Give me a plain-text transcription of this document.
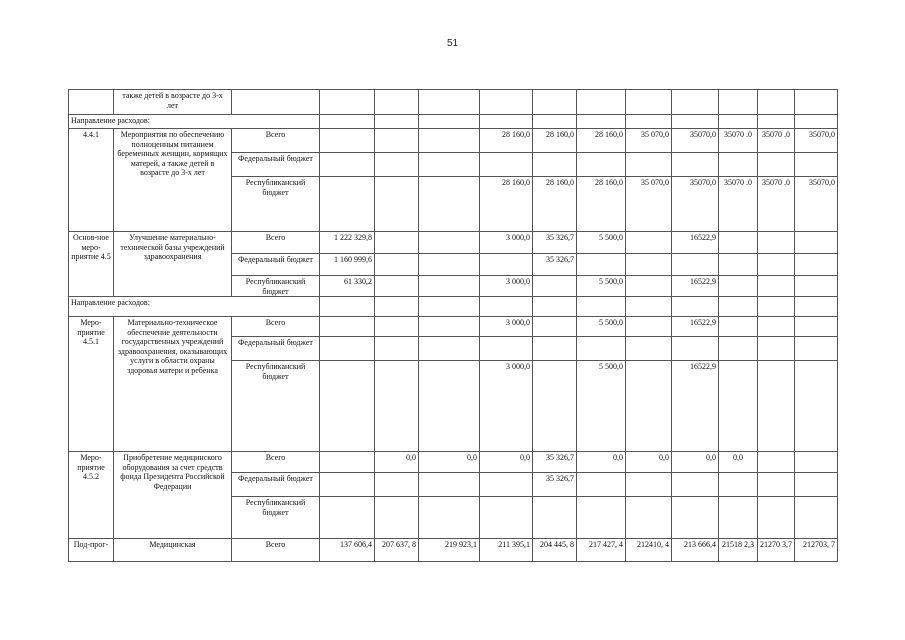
51
	также детей в возрасте до 3-х лет												
Направление расходов:													
4.4.1	Мероприятия по обеспечению полноценным питанием беременных женщин, кормящих матерей, а также детей в возрасте до 3-х лет	Всего				28 160,0	28 160,0	28 160,0	35 070,0	35070,0	35070 .0	35070 .0	35070,0
		Федеральный бюджет											
		Республиканский бюджет				28 160,0	28 160,0	28 160,0	35 070,0	35070,0	35070 .0	35070 .0	35070,0
Основ-ное меро-приятие 4.5	Улучшение материально-технической базы учреждений здравоохранения	Всего	1 222 329,8			3 000,0	35 326,7	5 500,0		16522,9			
		Федеральный бюджет	1 160 999,6				35 326,7						
		Республиканский бюджет	61 330,2			3 000,0		5 500,0		16522,9			
Направление расходов:													
Меро-приятие 4.5.1	Материально-техническое обеспечение деятельности государственных учреждений здравоохранения, оказывающих услуги в области охраны здоровья матери и ребенка	Всего				3 000,0		5 500,0		16522,9			
		Федеральный бюджет											
		Республиканский бюджет				3 000,0		5 500,0		16522,9			
Меро-приятие 4.5.2	Приобретение медицинского оборудования за счет средств фонда Президента Российской Федерации	Всего		0,0	0,0	0,0	35 326,7	0,0	0,0	0,0	0,0		
		Федеральный бюджет					35 326,7						
		Республиканский бюджет											
Под-прог-	Медицинская	Всего	137 606,4	207 637, 8	219 923,1	211 395,1	204 445, 8	217 427, 4	212410, 4	213 666,4	21518 2,3	21270 3,7	212703, 7
